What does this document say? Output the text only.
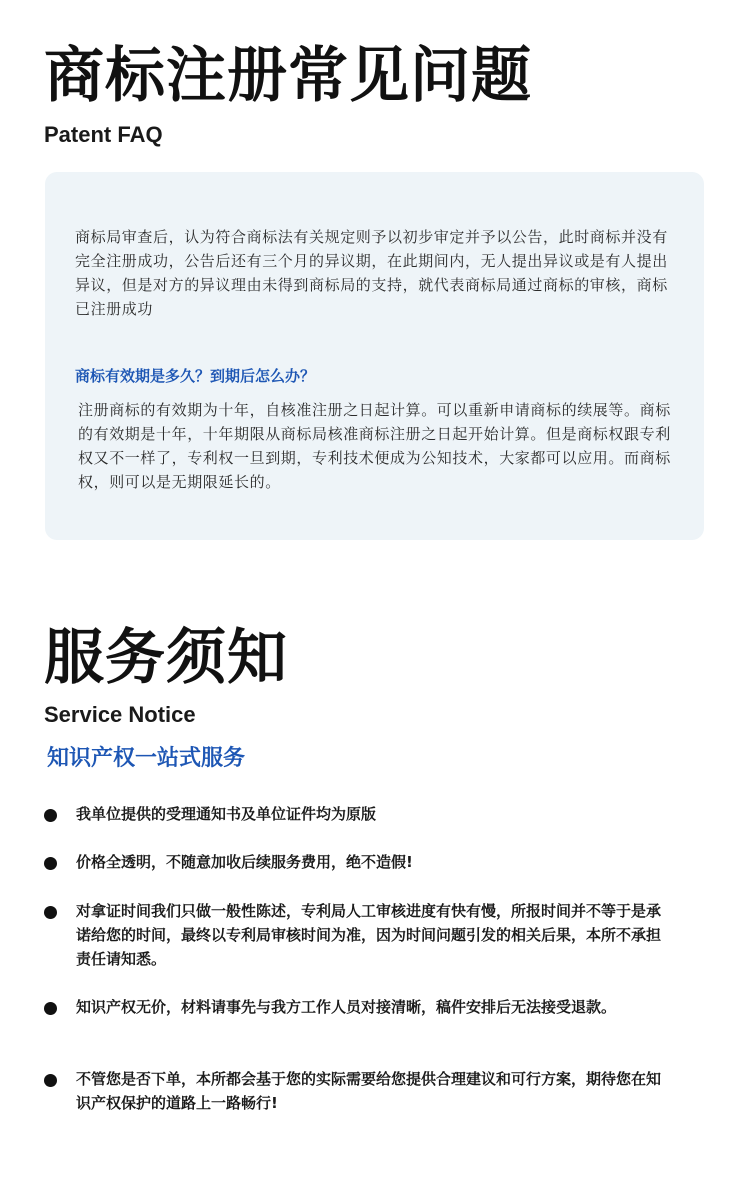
商标注册常见问题
Patent FAQ

商标局审查后，认为符合商标法有关规定则予以初步审定并予以公告，此时商标并没有完全注册成功，公告后还有三个月的异议期，在此期间内，无人提出异议或是有人提出异议，但是对方的异议理由未得到商标局的支持，就代表商标局通过商标的审核，商标已注册成功

商标有效期是多久？到期后怎么办？

注册商标的有效期为十年，自核准注册之日起计算。可以重新申请商标的续展等。商标的有效期是十年，十年期限从商标局核准商标注册之日起开始计算。但是商标权跟专利权又不一样了，专利权一旦到期，专利技术便成为公知技术，大家都可以应用。而商标权，则可以是无期限延长的。

服务须知
Service Notice
知识产权一站式服务

我单位提供的受理通知书及单位证件均为原版

价格全透明，不随意加收后续服务费用，绝不造假!

对拿证时间我们只做一般性陈述，专利局人工审核进度有快有慢，所报时间并不等于是承诺给您的时间，最终以专利局审核时间为准，因为时间问题引发的相关后果，本所不承担责任请知悉。

知识产权无价，材料请事先与我方工作人员对接清晰，稿件安排后无法接受退款。

不管您是否下单，本所都会基于您的实际需要给您提供合理建议和可行方案，期待您在知识产权保护的道路上一路畅行!
